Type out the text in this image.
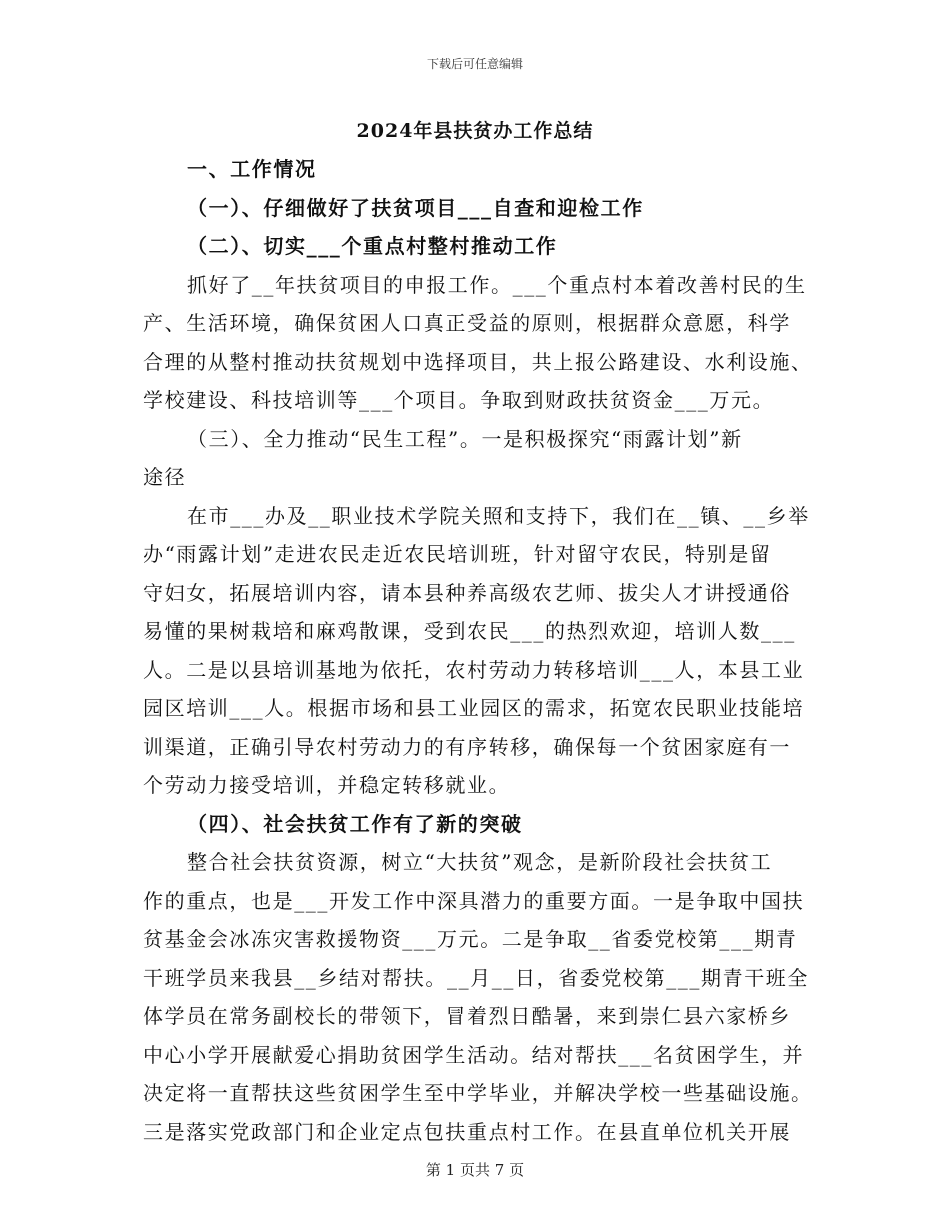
下载后可任意编辑
2024年县扶贫办工作总结
一、工作情况
（一）、仔细做好了扶贫项目___自查和迎检工作
（二）、切实___个重点村整村推动工作
抓好了__年扶贫项目的申报工作。___个重点村本着改善村民的生
产、生活环境，确保贫困人口真正受益的原则，根据群众意愿，科学
合理的从整村推动扶贫规划中选择项目，共上报公路建设、水利设施、
学校建设、科技培训等___个项目。争取到财政扶贫资金___万元。
（三）、全力推动“民生工程”。一是积极探究“雨露计划”新
途径
在市___办及__职业技术学院关照和支持下，我们在__镇、__乡举
办“雨露计划”走进农民走近农民培训班，针对留守农民，特别是留
守妇女，拓展培训内容，请本县种养高级农艺师、拔尖人才讲授通俗
易懂的果树栽培和麻鸡散课，受到农民___的热烈欢迎，培训人数___
人。二是以县培训基地为依托，农村劳动力转移培训___人，本县工业
园区培训___人。根据市场和县工业园区的需求，拓宽农民职业技能培
训渠道，正确引导农村劳动力的有序转移，确保每一个贫困家庭有一
个劳动力接受培训，并稳定转移就业。
（四）、社会扶贫工作有了新的突破
整合社会扶贫资源，树立“大扶贫”观念，是新阶段社会扶贫工
作的重点，也是___开发工作中深具潜力的重要方面。一是争取中国扶
贫基金会冰冻灾害救援物资___万元。二是争取__省委党校第___期青
干班学员来我县__乡结对帮扶。__月__日，省委党校第___期青干班全
体学员在常务副校长的带领下，冒着烈日酷暑，来到崇仁县六家桥乡
中心小学开展献爱心捐助贫困学生活动。结对帮扶___名贫困学生，并
决定将一直帮扶这些贫困学生至中学毕业，并解决学校一些基础设施。
三是落实党政部门和企业定点包扶重点村工作。在县直单位机关开展
第 1 页共 7 页
